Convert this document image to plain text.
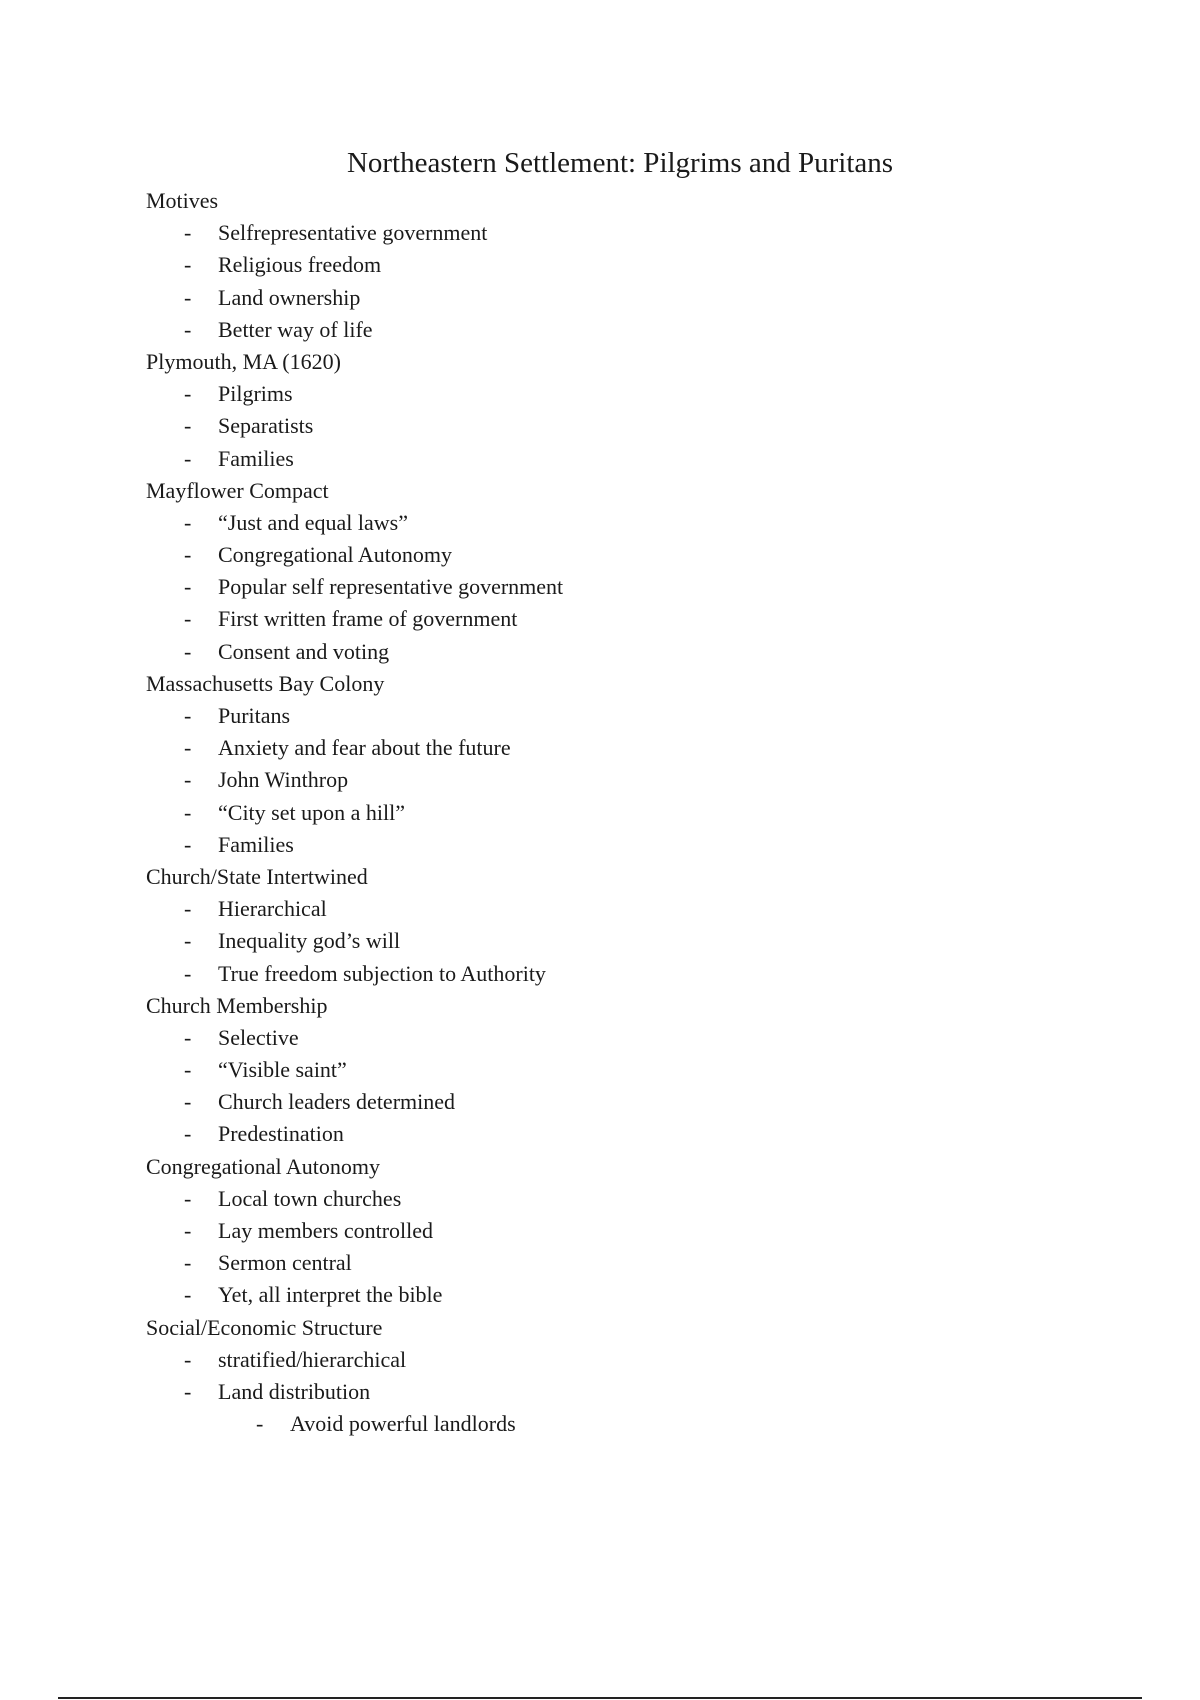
Northeastern Settlement: Pilgrims and Puritans
Motives
- Selfrepresentative government
- Religious freedom
- Land ownership
- Better way of life
Plymouth, MA (1620)
- Pilgrims
- Separatists
- Families
Mayflower Compact
- “Just and equal laws”
- Congregational Autonomy
- Popular self representative government
- First written frame of government
- Consent and voting
Massachusetts Bay Colony
- Puritans
- Anxiety and fear about the future
- John Winthrop
- “City set upon a hill”
- Families
Church/State Intertwined
- Hierarchical
- Inequality god’s will
- True freedom subjection to Authority
Church Membership
- Selective
- “Visible saint”
- Church leaders determined
- Predestination
Congregational Autonomy
- Local town churches
- Lay members controlled
- Sermon central
- Yet, all interpret the bible
Social/Economic Structure
- stratified/hierarchical
- Land distribution
- Avoid powerful landlords
